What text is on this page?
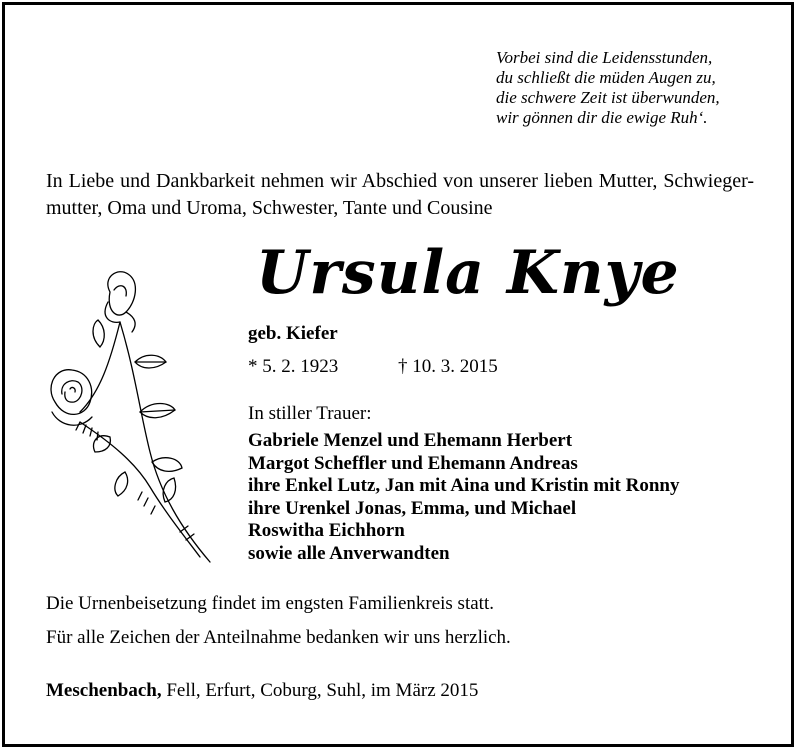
Vorbei sind die Leidensstunden,
du schließt die müden Augen zu,
die schwere Zeit ist überwunden,
wir gönnen dir die ewige Ruh‘.
In Liebe und Dankbarkeit nehmen wir Abschied von unserer lieben Mutter, Schwieger-mutter, Oma und Uroma, Schwester, Tante und Cousine
Ursula Knye
geb. Kiefer
* 5. 2. 1923	† 10. 3. 2015
In stiller Trauer:
Gabriele Menzel und Ehemann Herbert
Margot Scheffler und Ehemann Andreas
ihre Enkel Lutz, Jan mit Aina und Kristin mit Ronny
ihre Urenkel Jonas, Emma, und Michael
Roswitha Eichhorn
sowie alle Anverwandten
Die Urnenbeisetzung findet im engsten Familienkreis statt.
Für alle Zeichen der Anteilnahme bedanken wir uns herzlich.
Meschenbach, Fell, Erfurt, Coburg, Suhl, im März 2015
